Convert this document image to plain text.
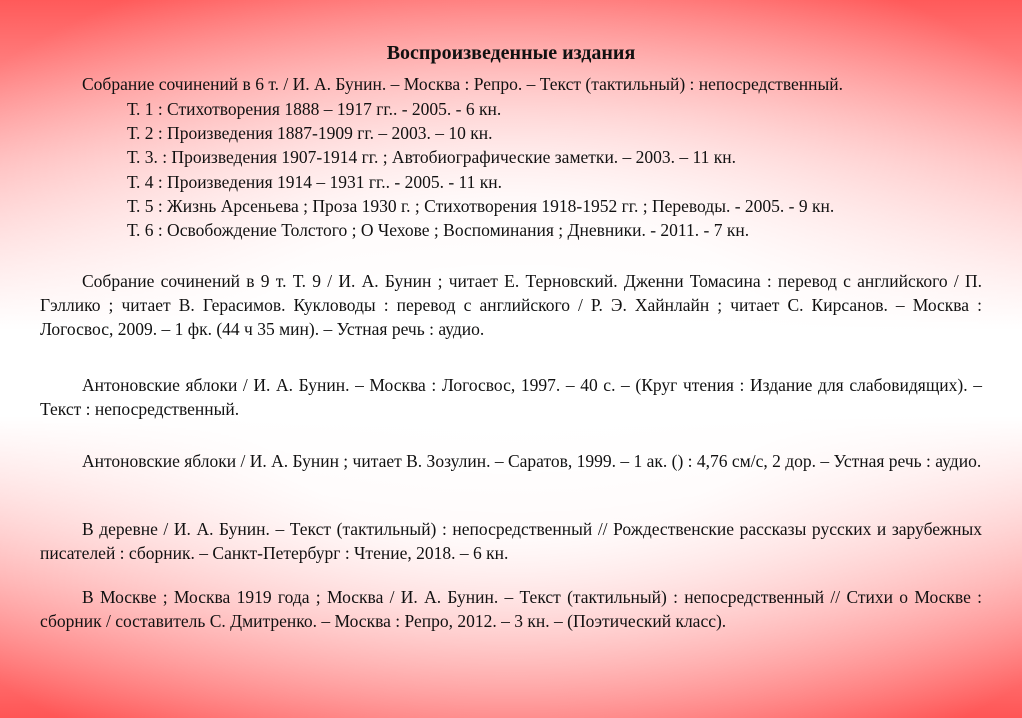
Воспроизведенные издания
Собрание сочинений в 6 т. / И. А. Бунин. – Москва : Репро. – Текст (тактильный) : непосредственный.
Т. 1 : Стихотворения 1888 – 1917 гг.. - 2005. - 6 кн.
Т. 2 : Произведения 1887-1909 гг. – 2003. – 10 кн.
Т. 3. : Произведения 1907-1914 гг. ; Автобиографические заметки. – 2003. – 11 кн.
Т. 4 : Произведения 1914 – 1931 гг.. - 2005. - 11 кн.
Т. 5 : Жизнь Арсеньева ; Проза 1930 г. ; Стихотворения 1918-1952 гг. ; Переводы. - 2005. - 9 кн.
Т. 6 : Освобождение Толстого ; О Чехове ; Воспоминания ; Дневники. - 2011. - 7 кн.

Собрание сочинений в 9 т. Т. 9 / И. А. Бунин ; читает Е. Терновский. Дженни Томасина : перевод с английского / П. Гэллико ; читает В. Герасимов. Кукловоды : перевод с английского / Р. Э. Хайнлайн ; читает С. Кирсанов. – Москва : Логосвос, 2009. – 1 фк. (44 ч 35 мин). – Устная речь : аудио.

Антоновские яблоки / И. А. Бунин. – Москва : Логосвос, 1997. – 40 с. – (Круг чтения : Издание для слабовидящих). – Текст : непосредственный.

Антоновские яблоки / И. А. Бунин ; читает В. Зозулин. – Саратов, 1999. – 1 ак. () : 4,76 см/с, 2 дор. – Устная речь : аудио.

В деревне / И. А. Бунин. – Текст (тактильный) : непосредственный // Рождественские рассказы русских и зарубежных писателей : сборник. – Санкт-Петербург : Чтение, 2018. – 6 кн.

В Москве ; Москва 1919 года ; Москва / И. А. Бунин. – Текст (тактильный) : непосредственный // Стихи о Москве : сборник / составитель С. Дмитренко. – Москва : Репро, 2012. – 3 кн. – (Поэтический класс).
